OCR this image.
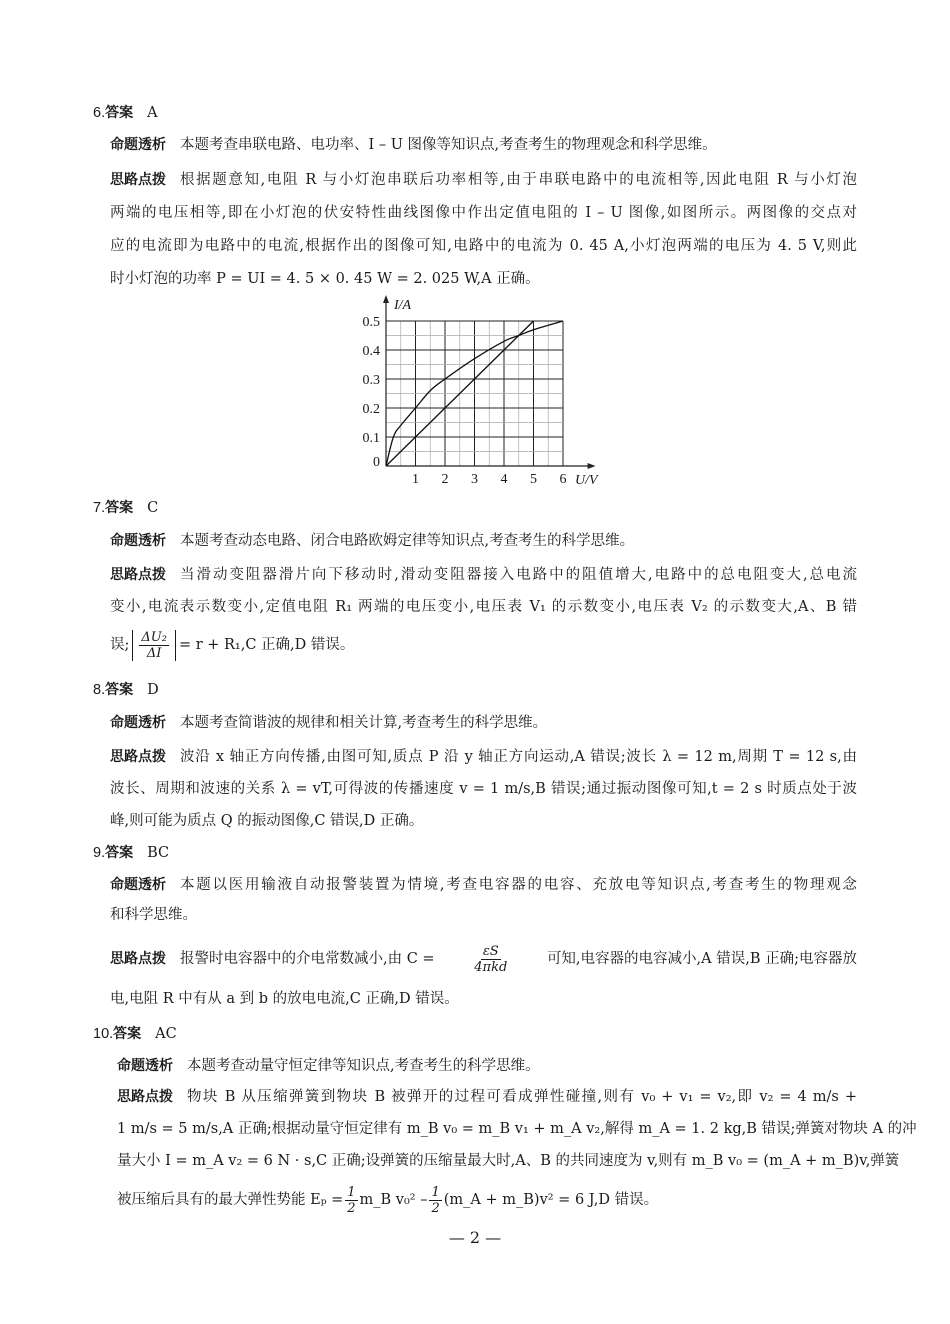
6. 答案 A
命题透析 本题考查串联电路、电功率、I – U 图像等知识点,考查考生的物理观念和科学思维。
思路点拨 根据题意知,电阻 R 与小灯泡串联后功率相等,由于串联电路中的电流相等,因此电阻 R 与小灯泡
两端的电压相等,即在小灯泡的伏安特性曲线图像中作出定值电阻的 I – U 图像,如图所示。两图像的交点对
应的电流即为电路中的电流,根据作出的图像可知,电路中的电流为 0. 45 A,小灯泡两端的电压为 4. 5 V,则此
时小灯泡的功率 P = UI = 4. 5 × 0. 45 W = 2. 025 W,A 正确。
7. 答案 C
命题透析 本题考查动态电路、闭合电路欧姆定律等知识点,考查考生的科学思维。
思路点拨 当滑动变阻器滑片向下移动时,滑动变阻器接入电路中的阻值增大,电路中的总电阻变大,总电流
变小,电流表示数变小,定值电阻 R₁ 两端的电压变小,电压表 V₁ 的示数变小,电压表 V₂ 的示数变大,A、B 错
误; $\frac{\text{ΔU₂}}{\Delta I} = r + R_1,C$ 正确,D 错误。
8. 答案 D
命题透析 本题考查简谐波的规律和相关计算,考查考生的科学思维。
思路点拨 波沿 x 轴正方向传播,由图可知,质点 P 沿 y 轴正方向运动,A 错误;波长 λ = 12 m,周期 T = 12 s,由
波长、周期和波速的关系 λ = vT,可得波的传播速度 v = 1 m/s,B 错误;通过振动图像可知,t = 2 s 时质点处于波
峰,则可能为质点 Q 的振动图像,C 错误,D 正确。
9. 答案 BC
命题透析 本题以医用输液自动报警装置为情境,考查电容器的电容、充放电等知识点,考查考生的物理观念
和科学思维。
思路点拨 报警时电容器中的介电常数减小,由 C =	$\frac{\varepsilon S}{\text{4πkd}}$	可知,电容器的电容减小,A 错误,B 正确;电容器放
电,电阻 R 中有从 a 到 b 的放电电流,C 正确,D 错误。
10. 答案 AC
命题透析 本题考查动量守恒定律等知识点,考查考生的科学思维。
思路点拨 物块 B 从压缩弹簧到物块 B 被弹开的过程可看成弹性碰撞,则有 v₀ + v₁ = v₂,即 v₂ = 4 m/s +
1 m/s = 5 m/s,A 正确;根据动量守恒定律有 m_B v₀ = m_B v₁ + m_A v₂,解得 m_A = 1. 2 kg,B 错误;弹簧对物块 A 的冲
量大小 I = m_A v₂ = 6 N · s,C 正确;设弹簧的压缩量最大时,A、B 的共同速度为 v,则有 m_B v₀ = (m_A + m_B)v,弹簧
被压缩后具有的最大弹性势能 $E_p = \frac{1}{2}$ m_B $v_0^2 - \frac{1}{2}$ (m_A + m_B)v² = 6 J,D 错误。
1 2 3 4 5 6
0
0.1
0.2
0.3
0.4
0.5
U/V
I/A
— 2 —
